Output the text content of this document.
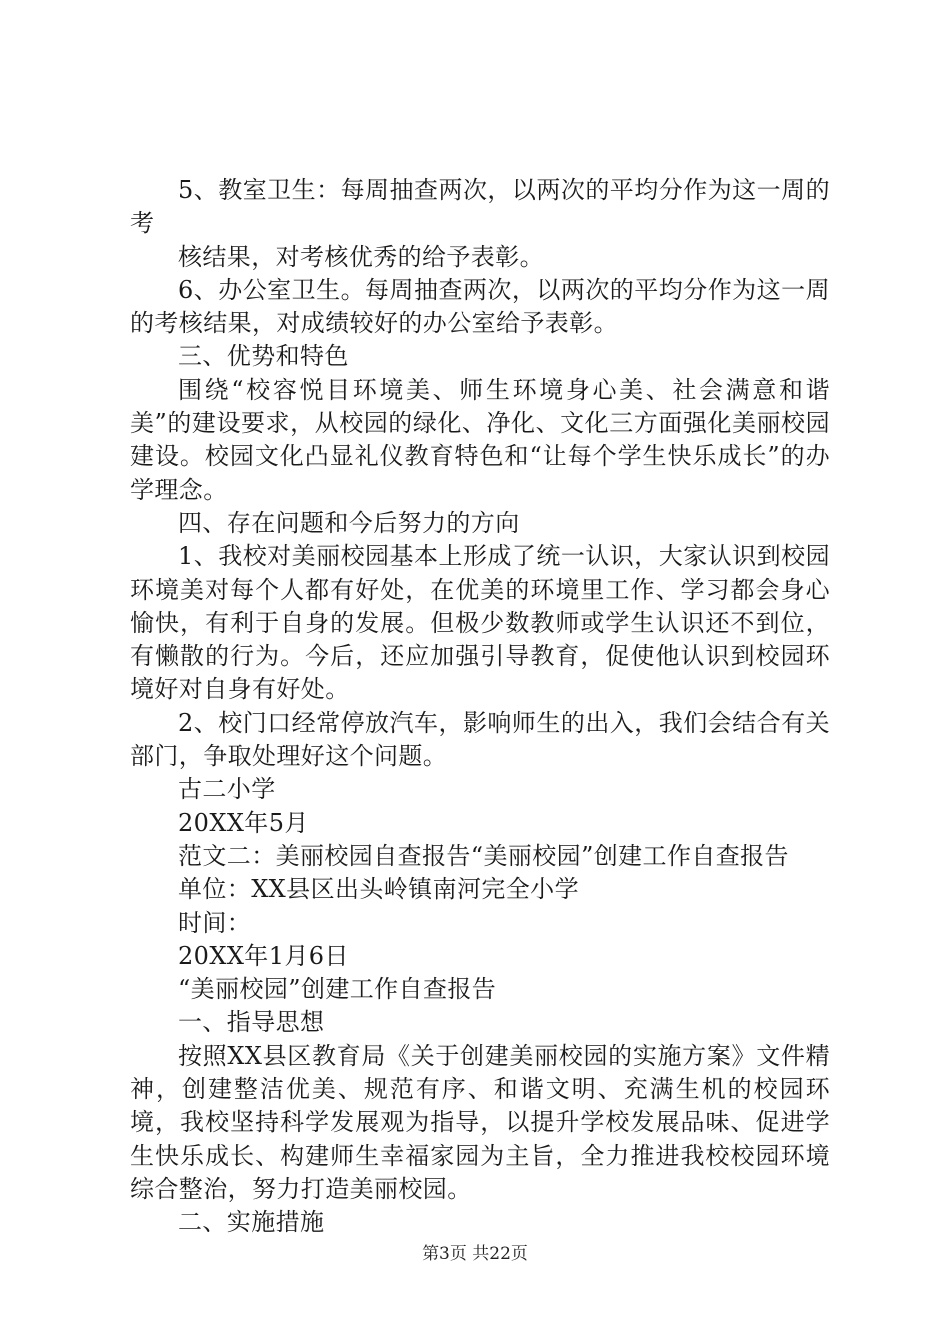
5、教室卫生：每周抽查两次，以两次的平均分作为这一周的考

核结果，对考核优秀的给予表彰。

6、办公室卫生。每周抽查两次，以两次的平均分作为这一周的考核结果，对成绩较好的办公室给予表彰。

三、优势和特色

围绕“校容悦目环境美、师生环境身心美、社会满意和谐美”的建设要求，从校园的绿化、净化、文化三方面强化美丽校园建设。校园文化凸显礼仪教育特色和“让每个学生快乐成长”的办学理念。

四、存在问题和今后努力的方向

1、我校对美丽校园基本上形成了统一认识，大家认识到校园环境美对每个人都有好处，在优美的环境里工作、学习都会身心愉快，有利于自身的发展。但极少数教师或学生认识还不到位，有懒散的行为。今后，还应加强引导教育，促使他认识到校园环境好对自身有好处。

2、校门口经常停放汽车，影响师生的出入，我们会结合有关部门，争取处理好这个问题。

古二小学

20XX年5月

范文二：美丽校园自查报告“美丽校园”创建工作自查报告

单位：XX县区出头岭镇南河完全小学

时间：

20XX年1月6日

“美丽校园”创建工作自查报告

一、指导思想

按照XX县区教育局《关于创建美丽校园的实施方案》文件精神，创建整洁优美、规范有序、和谐文明、充满生机的校园环境，我校坚持科学发展观为指导，以提升学校发展品味、促进学生快乐成长、构建师生幸福家园为主旨，全力推进我校校园环境综合整治，努力打造美丽校园。

二、实施措施

第3页 共22页
